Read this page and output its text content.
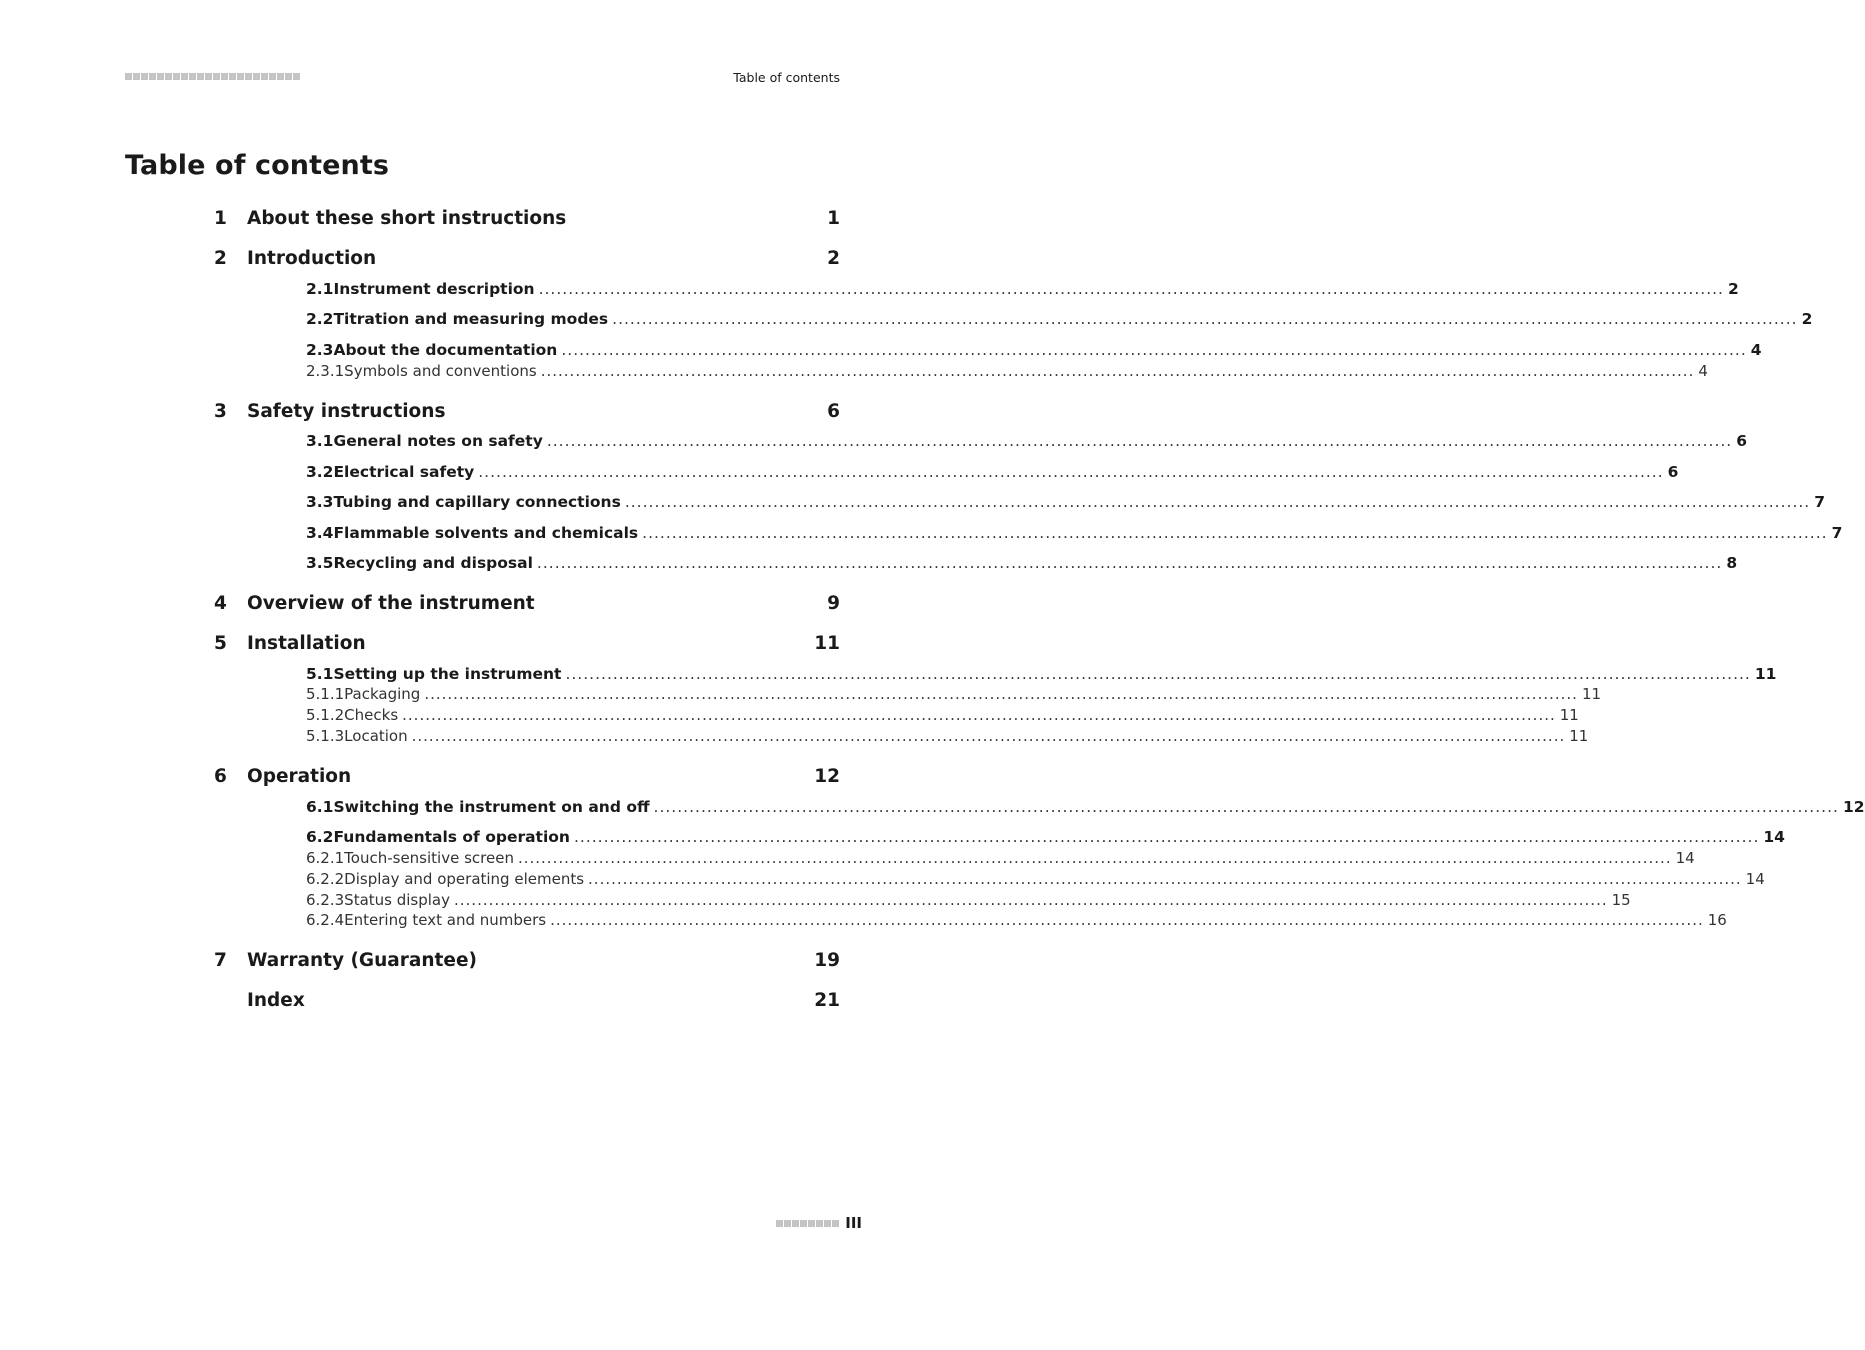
Table of contents
Table of contents
1	About these short instructions	1
2	Introduction	2
2.1 Instrument description ........................................................................................................................................................................................................ 2
2.2 Titration and measuring modes ........................................................................................................................................................................................................ 2
2.3 About the documentation ........................................................................................................................................................................................................ 4
2.3.1 Symbols and conventions ........................................................................................................................................................................................................ 4
3	Safety instructions	6
3.1 General notes on safety ........................................................................................................................................................................................................ 6
3.2 Electrical safety ........................................................................................................................................................................................................ 6
3.3 Tubing and capillary connections ........................................................................................................................................................................................................ 7
3.4 Flammable solvents and chemicals ........................................................................................................................................................................................................ 7
3.5 Recycling and disposal ........................................................................................................................................................................................................ 8
4	Overview of the instrument	9
5	Installation	11
5.1 Setting up the instrument ........................................................................................................................................................................................................ 11
5.1.1 Packaging ........................................................................................................................................................................................................ 11
5.1.2 Checks ........................................................................................................................................................................................................ 11
5.1.3 Location ........................................................................................................................................................................................................ 11
6	Operation	12
6.1 Switching the instrument on and off ........................................................................................................................................................................................................ 12
6.2 Fundamentals of operation ........................................................................................................................................................................................................ 14
6.2.1 Touch-sensitive screen ........................................................................................................................................................................................................ 14
6.2.2 Display and operating elements ........................................................................................................................................................................................................ 14
6.2.3 Status display ........................................................................................................................................................................................................ 15
6.2.4 Entering text and numbers ........................................................................................................................................................................................................ 16
7	Warranty (Guarantee)	19
Index	21
III
